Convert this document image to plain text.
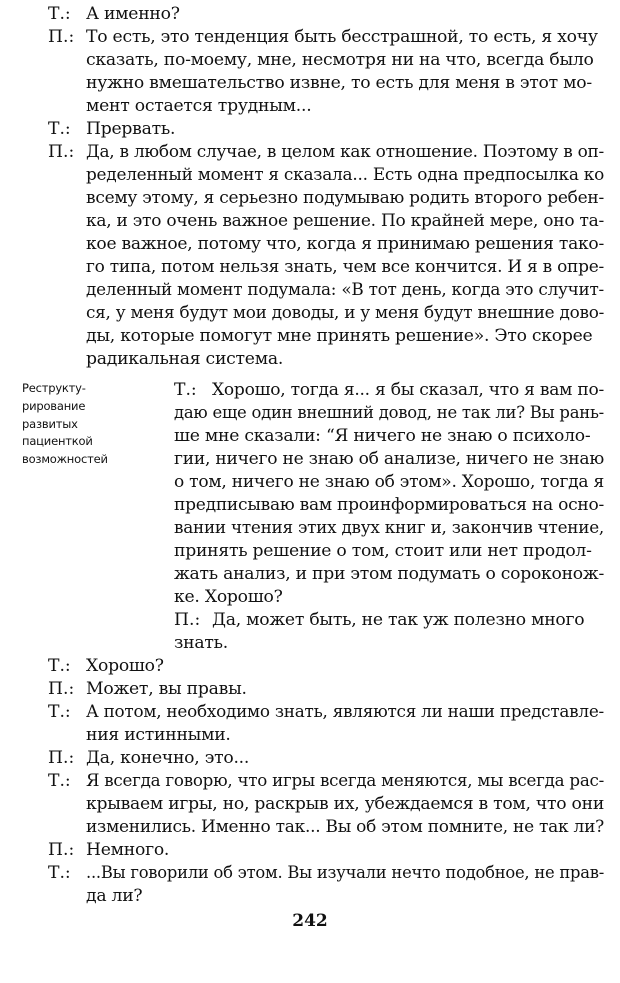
Т.: А именно?
П.: То есть, это тенденция быть бесстрашной, то есть, я хочу
сказать, по-моему, мне, несмотря ни на что, всегда было
нужно вмешательство извне, то есть для меня в этот мо-
мент остается трудным...
Т.: Прервать.
П.: Да, в любом случае, в целом как отношение. Поэтому в оп-
ределенный момент я сказала... Есть одна предпосылка ко
всему этому, я серьезно подумываю родить второго ребен-
ка, и это очень важное решение. По крайней мере, оно та-
кое важное, потому что, когда я принимаю решения тако-
го типа, потом нельзя знать, чем все кончится. И я в опре-
деленный момент подумала: «В тот день, когда это случит-
ся, у меня будут мои доводы, и у меня будут внешние дово-
ды, которые помогут мне принять решение». Это скорее
радикальная система.
Реструкту-
рирование
развитых
пациенткой
возможностей
Т.: Хорошо, тогда я... я бы сказал, что я вам по-
даю еще один внешний довод, не так ли? Вы рань-
ше мне сказали: “Я ничего не знаю о психоло-
гии, ничего не знаю об анализе, ничего не знаю
о том, ничего не знаю об этом». Хорошо, тогда я
предписываю вам проинформироваться на осно-
вании чтения этих двух книг и, закончив чтение,
принять решение о том, стоит или нет продол-
жать анализ, и при этом подумать о сороконож-
ке. Хорошо?
П.: Да, может быть, не так уж полезно много
знать.
Т.: Хорошо?
П.: Может, вы правы.
Т.: А потом, необходимо знать, являются ли наши представле-
ния истинными.
П.: Да, конечно, это...
Т.: Я всегда говорю, что игры всегда меняются, мы всегда рас-
крываем игры, но, раскрыв их, убеждаемся в том, что они
изменились. Именно так... Вы об этом помните, не так ли?
П.: Немного.
Т.: ...Вы говорили об этом. Вы изучали нечто подобное, не прав-
да ли?
242
